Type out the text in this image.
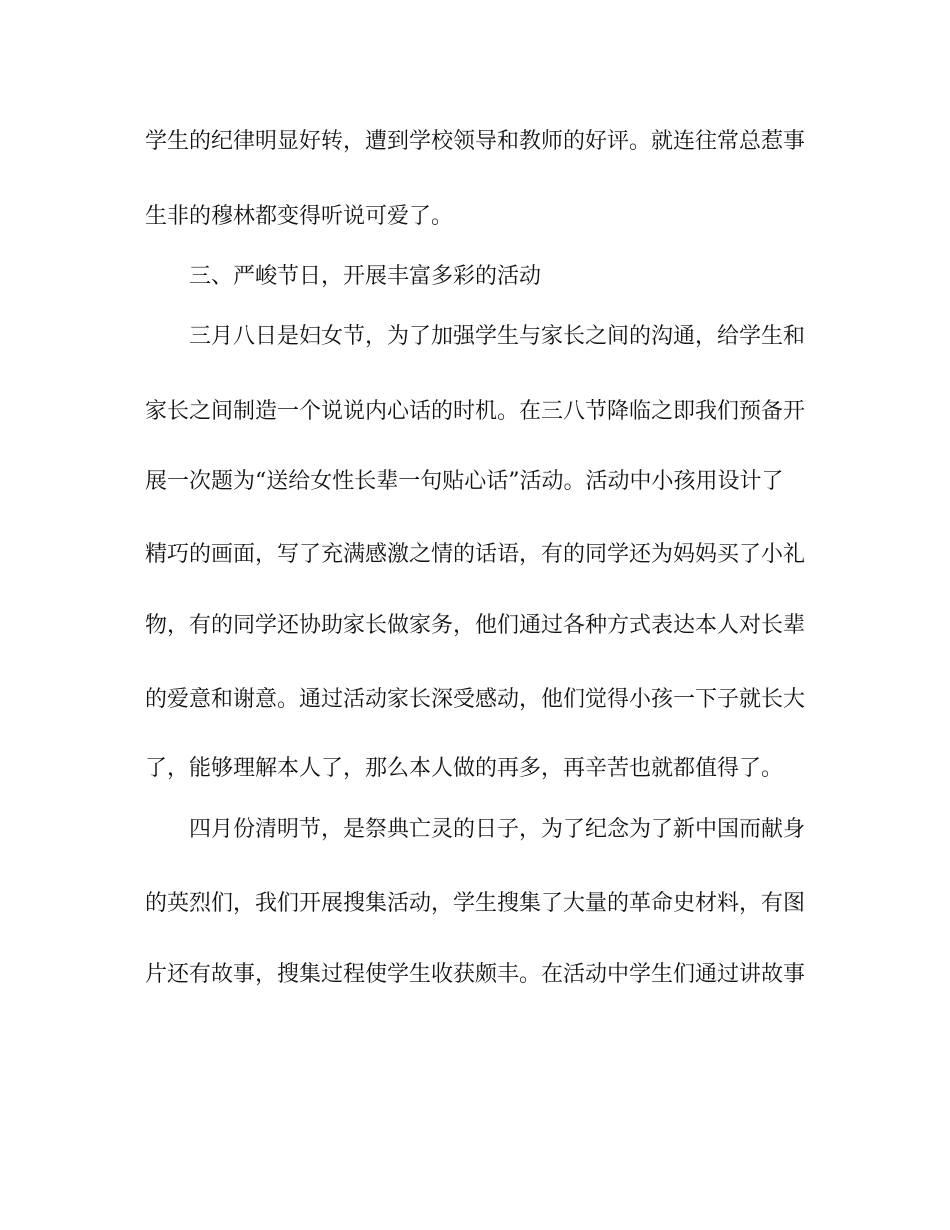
学生的纪律明显好转，遭到学校领导和教师的好评。就连往常总惹事

生非的穆林都变得听说可爱了。

三、严峻节日，开展丰富多彩的活动

三月八日是妇女节，为了加强学生与家长之间的沟通，给学生和

家长之间制造一个说说内心话的时机。在三八节降临之即我们预备开

展一次题为“送给女性长辈一句贴心话”活动。活动中小孩用设计了

精巧的画面，写了充满感激之情的话语，有的同学还为妈妈买了小礼

物，有的同学还协助家长做家务，他们通过各种方式表达本人对长辈

的爱意和谢意。通过活动家长深受感动，他们觉得小孩一下子就长大

了，能够理解本人了，那么本人做的再多，再辛苦也就都值得了。

四月份清明节，是祭典亡灵的日子，为了纪念为了新中国而献身

的英烈们，我们开展搜集活动，学生搜集了大量的革命史材料，有图

片还有故事，搜集过程使学生收获颇丰。在活动中学生们通过讲故事
